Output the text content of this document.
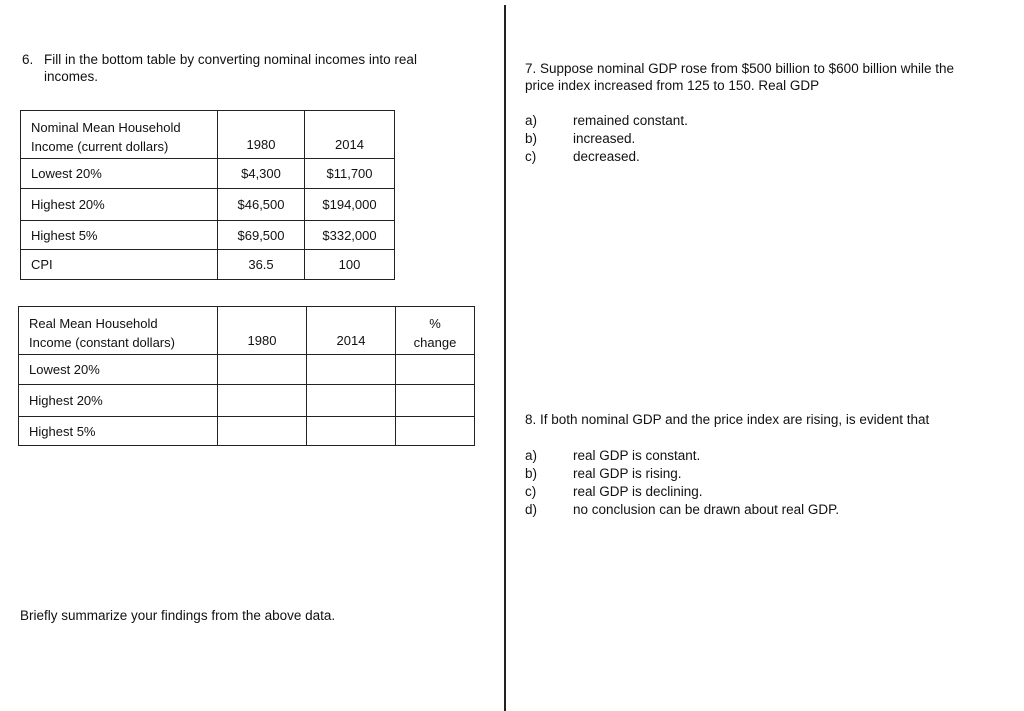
6. Fill in the bottom table by converting nominal incomes into real

incomes.
Nominal Mean Household
Income (current dollars)	1980	2014
Lowest 20%	$4,300	$11,700
Highest 20%	$46,500	$194,000
Highest 5%	$69,500	$332,000
CPI	36.5	100
Real Mean Household
Income (constant dollars)	1980	2014	%
change
Lowest 20%			
Highest 20%			
Highest 5%			
Briefly summarize your findings from the above data.
7. Suppose nominal GDP rose from $500 billion to $600 billion while the
price index increased from 125 to 150. Real GDP
a)	remained constant.
b)	increased.
c)	decreased.
8. If both nominal GDP and the price index are rising, is evident that
a)	real GDP is constant.
b)	real GDP is rising.
c)	real GDP is declining.
d)	no conclusion can be drawn about real GDP.
